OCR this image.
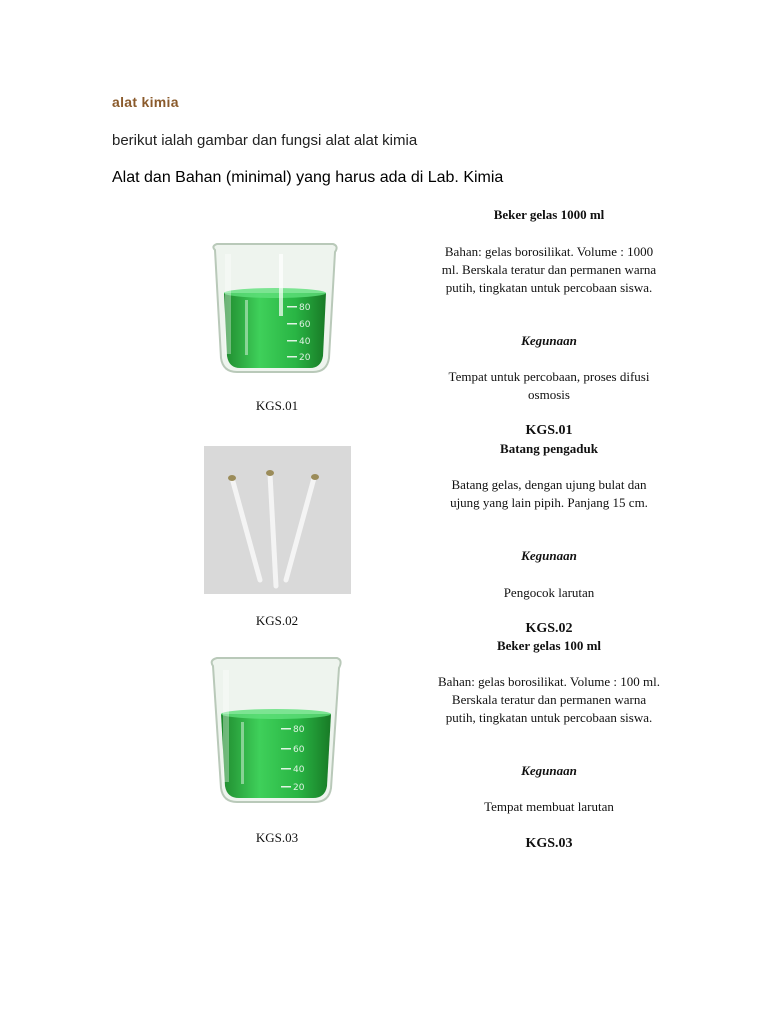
alat kimia
berikut ialah gambar dan fungsi alat alat kimia
Alat dan Bahan (minimal) yang harus ada di Lab. Kimia
80
60
40
20
KGS.01
Beker gelas 1000 ml
Bahan: gelas borosilikat. Volume : 1000 ml. Berskala teratur dan permanen warna putih, tingkatan untuk percobaan siswa.
Kegunaan
Tempat untuk percobaan, proses difusi osmosis
KGS.01
KGS.02
Batang pengaduk
Batang gelas, dengan ujung bulat dan ujung yang lain pipih. Panjang 15 cm.
Kegunaan
Pengocok larutan
KGS.02
80
60
40
20
KGS.03
Beker gelas 100 ml
Bahan: gelas borosilikat. Volume : 100 ml. Berskala teratur dan permanen warna putih, tingkatan untuk percobaan siswa.
Kegunaan
Tempat membuat larutan
KGS.03
